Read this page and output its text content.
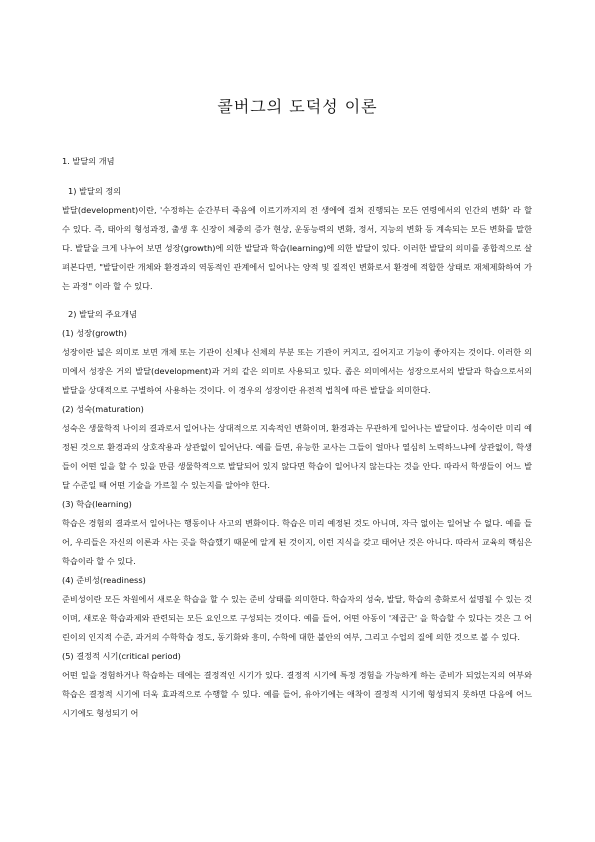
콜버그의 도덕성 이론
1. 발달의 개념
1) 발달의 정의

발달(development)이란, '수정하는 순간부터 죽음에 이르기까지의 전 생에에 걸쳐 진행되는 모든 연령에서의 인간의 변화' 라 할 수 있다. 즉, 태아의 형성과정, 출생 후 신장이 체중의 증가 현상, 운동능력의 변화, 정서, 지능의 변화 등 계속되는 모든 변화를 말한다. 발달을 크게 나누어 보면 성장(growth)에 의한 발달과 학습(learning)에 의한 발달이 있다. 이러한 발달의 의미를 종합적으로 살펴본다면, "발달이란 개체와 환경과의 역동적인 관계에서 일어나는 양적 및 질적인 변화로서 환경에 적합한 상태로 재체제화하여 가는 과정" 이라 할 수 있다.

2) 발달의 주요개념
(1) 성장(growth)

성장이란 넓은 의미로 보면 개체 또는 기관이 신체나 신체의 부분 또는 기관이 커지고, 길어지고 기능이 좋아지는 것이다. 이러한 의미에서 성장은 거의 발달(development)과 거의 같은 의미로 사용되고 있다. 좁은 의미에서는 성장으로서의 발달과 학습으로서의 발달을 상대적으로 구별하여 사용하는 것이다. 이 경우의 성장이란 유전적 법칙에 따른 발달을 의미한다.

(2) 성숙(maturation)

성숙은 생물학적 나이의 결과로서 일어나는 상대적으로 지속적인 변화이며, 환경과는 무관하게 일어나는 발달이다. 성숙이란 미리 예정된 것으로 환경과의 상호작용과 상관없이 일어난다. 예를 들면, 유능한 교사는 그들이 얼마나 열심히 노력하느냐에 상관없이, 학생들이 어떤 일을 할 수 있을 만큼 생물학적으로 발달되어 있지 않다면 학습이 일어나지 않는다는 것을 안다. 따라서 학생들이 어느 발달 수준일 때 어떤 기술을 가르칠 수 있는지를 알아야 한다.

(3) 학습(learning)

학습은 경험의 결과로서 일어나는 행동이나 사고의 변화이다. 학습은 미리 예정된 것도 아니며, 자극 없이는 일어날 수 없다. 예를 들어, 우리들은 자신의 이론과 사는 곳을 학습했기 때문에 알게 된 것이지, 이런 지식을 갖고 태어난 것은 아니다. 따라서 교육의 핵심은 학습이라 할 수 있다.

(4) 준비성(readiness)

준비성이란 모든 차원에서 새로운 학습을 할 수 있는 준비 상태를 의미한다. 학습자의 성숙, 발달, 학습의 총화로서 설명될 수 있는 것이며, 새로운 학습과제와 관련되는 모든 요인으로 구성되는 것이다. 예를 들어, 어떤 아동이 '제곱근' 을 학습할 수 있다는 것은 그 어린이의 인지적 수준, 과거의 수학학습 정도, 동기화와 흥미, 수학에 대한 불안의 여부, 그리고 수업의 질에 의한 것으로 볼 수 있다.

(5) 결정적 시기(critical period)

어떤 일을 경험하거나 학습하는 데에는 결정적인 시기가 있다. 결정적 시기에 특정 경험을 가능하게 하는 준비가 되었는지의 여부와 학습은 결정적 시기에 더욱 효과적으로 수행할 수 있다. 예를 들어, 유아기에는 애착이 결정적 시기에 형성되지 못하면 다음에 어느 시기에도 형성되기 어
